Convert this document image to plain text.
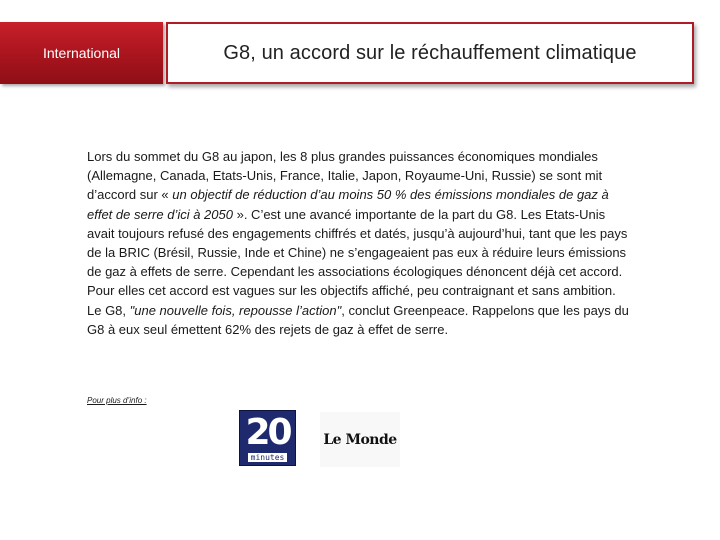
International	G8, un accord sur le réchauffement climatique

Lors du sommet du G8 au japon, les 8 plus grandes puissances économiques mondiales (Allemagne, Canada, Etats-Unis, France, Italie, Japon, Royaume-Uni, Russie) se sont mit d’accord sur « un objectif de réduction d’au moins 50 % des émissions mondiales de gaz à effet de serre d’ici à 2050 ». C’est une avancé importante de la part du G8. Les Etats-Unis avait toujours refusé des engagements chiffrés et datés, jusqu’à aujourd’hui, tant que les pays de la BRIC (Brésil, Russie, Inde et Chine) ne s’engageaient pas eux à réduire leurs émissions de gaz à effets de serre. Cependant les associations écologiques dénoncent déjà cet accord. Pour elles cet accord est vagues sur les objectifs affiché, peu contraignant et sans ambition. Le G8, "une nouvelle fois, repousse l’action", conclut Greenpeace. Rappelons que les pays du G8 à eux seul émettent 62% des rejets de gaz à effet de serre.

Pour plus d’info :
20
minutes
Le Monde
